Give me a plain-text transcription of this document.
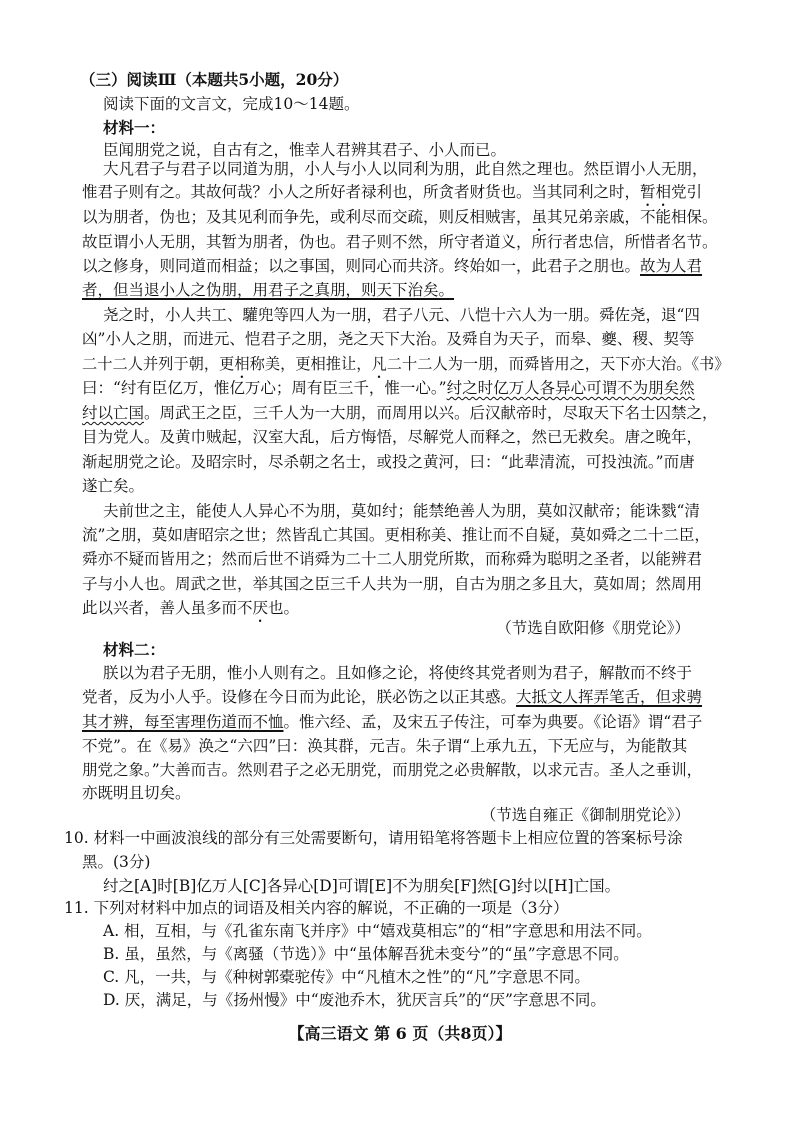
（三）阅读Ⅲ（本题共5小题，20分）
阅读下面的文言文，完成10～14题。
材料一：
臣闻朋党之说，自古有之，惟幸人君辨其君子、小人而已。
大凡君子与君子以同道为朋，小人与小人以同利为朋，此自然之理也。然臣谓小人无朋，
惟君子则有之。其故何哉？小人之所好者禄利也，所贪者财货也。当其同利之时，暂相党引
以为朋者，伪也；及其见利而争先，或利尽而交疏，则反相贼害，虽其兄弟亲戚，不能相保。
故臣谓小人无朋，其暂为朋者，伪也。君子则不然，所守者道义，所行者忠信，所惜者名节。
以之修身，则同道而相益；以之事国，则同心而共济。终始如一，此君子之朋也。故为人君
者，但当退小人之伪朋，用君子之真朋，则天下治矣。
尧之时，小人共工、驩兜等四人为一朋，君子八元、八恺十六人为一朋。舜佐尧，退“四
凶”小人之朋，而进元、恺君子之朋，尧之天下大治。及舜自为天子，而皋、夔、稷、契等
二十二人并列于朝，更相称美，更相推让，凡二十二人为一朋，而舜皆用之，天下亦大治。《书》
曰：“纣有臣亿万，惟亿万心；周有臣三千，惟一心。”纣之时亿万人各异心可谓不为朋矣然
纣以亡国。周武王之臣，三千人为一大朋，而周用以兴。后汉献帝时，尽取天下名士囚禁之，
目为党人。及黄巾贼起，汉室大乱，后方悔悟，尽解党人而释之，然已无救矣。唐之晚年，
渐起朋党之论。及昭宗时，尽杀朝之名士，或投之黄河，曰：“此辈清流，可投浊流。”而唐
遂亡矣。
夫前世之主，能使人人异心不为朋，莫如纣；能禁绝善人为朋，莫如汉献帝；能诛戮“清
流”之朋，莫如唐昭宗之世；然皆乱亡其国。更相称美、推让而不自疑，莫如舜之二十二臣，
舜亦不疑而皆用之；然而后世不诮舜为二十二人朋党所欺，而称舜为聪明之圣者，以能辨君
子与小人也。周武之世，举其国之臣三千人共为一朋，自古为朋之多且大，莫如周；然周用
此以兴者，善人虽多而不厌也。
（节选自欧阳修《朋党论》）
材料二：
朕以为君子无朋，惟小人则有之。且如修之论，将使终其党者则为君子，解散而不终于
党者，反为小人乎。设修在今日而为此论，朕必饬之以正其惑。大抵文人挥弄笔舌，但求骋
其才辨，每至害理伤道而不恤。惟六经、孟，及宋五子传注，可奉为典要。《论语》谓“君子
不党”。在《易》涣之“六四”曰：涣其群，元吉。朱子谓“上承九五，下无应与，为能散其
朋党之象。”大善而吉。然则君子之必无朋党，而朋党之必贵解散，以求元吉。圣人之垂训，
亦既明且切矣。
（节选自雍正《御制朋党论》）
10. 材料一中画波浪线的部分有三处需要断句，请用铅笔将答题卡上相应位置的答案标号涂
黑。(3分)
纣之[A]时[B]亿万人[C]各异心[D]可谓[E]不为朋矣[F]然[G]纣以[H]亡国。
11. 下列对材料中加点的词语及相关内容的解说，不正确的一项是（3分）
A. 相，互相，与《孔雀东南飞并序》中“嬉戏莫相忘”的“相”字意思和用法不同。
B. 虽，虽然，与《离骚（节选）》中“虽体解吾犹未变兮”的“虽”字意思不同。
C. 凡，一共，与《种树郭橐驼传》中“凡植木之性”的“凡”字意思不同。
D. 厌，满足，与《扬州慢》中“废池乔木，犹厌言兵”的“厌”字意思不同。
【高三语文 第 6 页（共8页）】
